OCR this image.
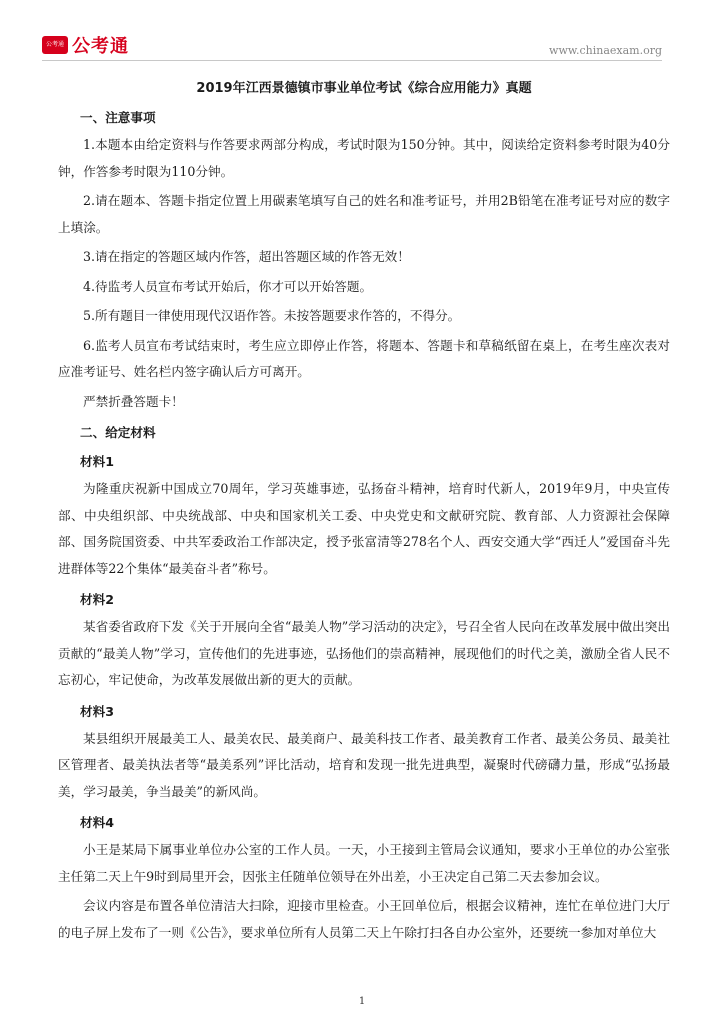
公考通 公考通	www.chinaexam.org

2019年江西景德镇市事业单位考试《综合应用能力》真题

一、注意事项

1.本题本由给定资料与作答要求两部分构成，考试时限为150分钟。其中，阅读给定资料参考时限为40分钟，作答参考时限为110分钟。

2.请在题本、答题卡指定位置上用碳素笔填写自己的姓名和准考证号，并用2B铅笔在准考证号对应的数字上填涂。

3.请在指定的答题区域内作答，超出答题区域的作答无效！

4.待监考人员宣布考试开始后，你才可以开始答题。

5.所有题目一律使用现代汉语作答。未按答题要求作答的，不得分。

6.监考人员宣布考试结束时，考生应立即停止作答，将题本、答题卡和草稿纸留在桌上，在考生座次表对应准考证号、姓名栏内签字确认后方可离开。

严禁折叠答题卡！

二、给定材料

材料1

为隆重庆祝新中国成立70周年，学习英雄事迹，弘扬奋斗精神，培育时代新人，2019年9月，中央宣传部、中央组织部、中央统战部、中央和国家机关工委、中央党史和文献研究院、教育部、人力资源社会保障部、国务院国资委、中共军委政治工作部决定，授予张富清等278名个人、西安交通大学“西迁人”爱国奋斗先进群体等22个集体“最美奋斗者”称号。

材料2

某省委省政府下发《关于开展向全省“最美人物”学习活动的决定》，号召全省人民向在改革发展中做出突出贡献的“最美人物”学习，宣传他们的先进事迹，弘扬他们的崇高精神，展现他们的时代之美，激励全省人民不忘初心，牢记使命，为改革发展做出新的更大的贡献。

材料3

某县组织开展最美工人、最美农民、最美商户、最美科技工作者、最美教育工作者、最美公务员、最美社区管理者、最美执法者等“最美系列”评比活动，培育和发现一批先进典型，凝聚时代磅礴力量，形成“弘扬最美，学习最美，争当最美”的新风尚。

材料4

小王是某局下属事业单位办公室的工作人员。一天，小王接到主管局会议通知，要求小王单位的办公室张主任第二天上午9时到局里开会，因张主任随单位领导在外出差，小王决定自己第二天去参加会议。

会议内容是布置各单位清洁大扫除，迎接市里检查。小王回单位后，根据会议精神，连忙在单位进门大厅的电子屏上发布了一则《公告》，要求单位所有人员第二天上午除打扫各自办公室外，还要统一参加对单位大

1
